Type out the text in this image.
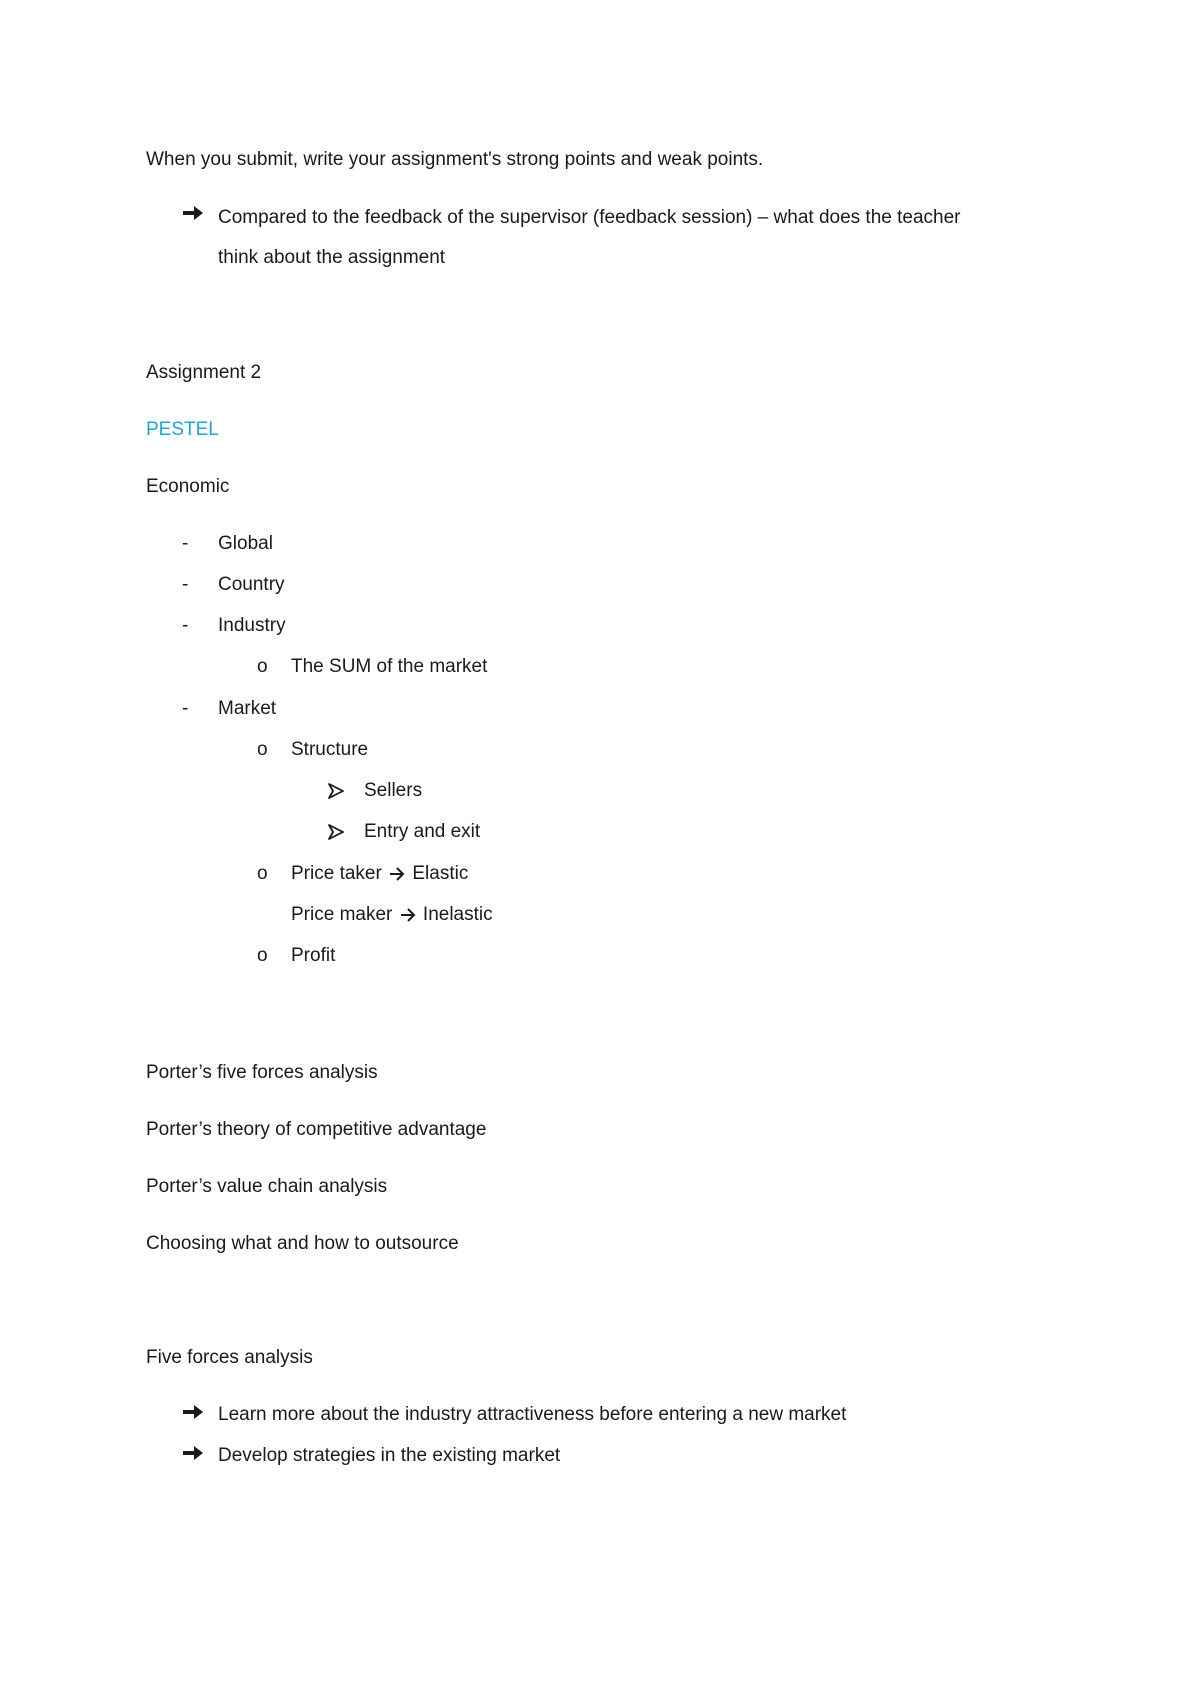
When you submit, write your assignment's strong points and weak points.
Compared to the feedback of the supervisor (feedback session) – what does the teacher
think about the assignment
Assignment 2
PESTEL
Economic
- Global
- Country
- Industry
o The SUM of the market
- Market
o Structure
Sellers
Entry and exit
o Price taker Elastic
Price maker Inelastic
o Profit
Porter’s five forces analysis
Porter’s theory of competitive advantage
Porter’s value chain analysis
Choosing what and how to outsource
Five forces analysis
Learn more about the industry attractiveness before entering a new market
Develop strategies in the existing market
